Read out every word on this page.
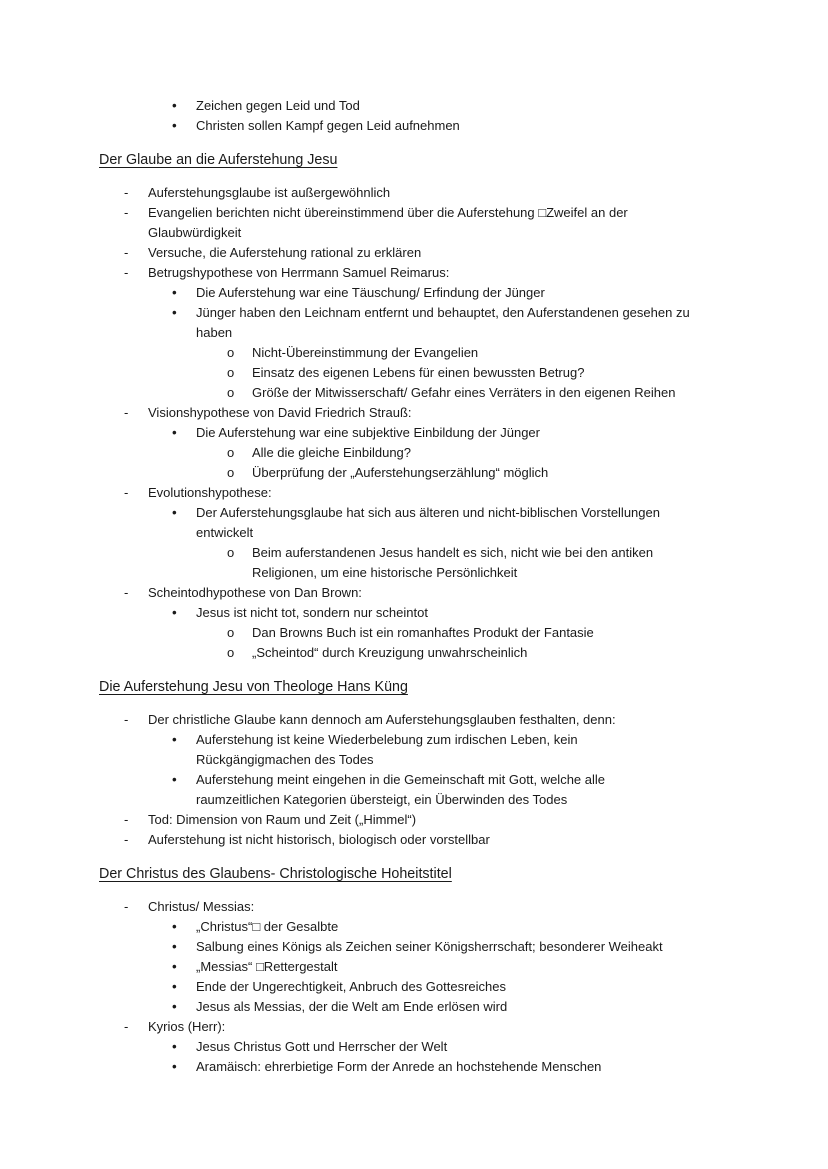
•	Zeichen gegen Leid und Tod
•	Christen sollen Kampf gegen Leid aufnehmen
Der Glaube an die Auferstehung Jesu
-	Auferstehungsglaube ist außergewöhnlich
-	Evangelien berichten nicht übereinstimmend über die Auferstehung □Zweifel an der
Glaubwürdigkeit
-	Versuche, die Auferstehung rational zu erklären
-	Betrugshypothese von Herrmann Samuel Reimarus:
•	Die Auferstehung war eine Täuschung/ Erfindung der Jünger
•	Jünger haben den Leichnam entfernt und behauptet, den Auferstandenen gesehen zu
haben
o	Nicht-Übereinstimmung der Evangelien
o	Einsatz des eigenen Lebens für einen bewussten Betrug?
o	Größe der Mitwisserschaft/ Gefahr eines Verräters in den eigenen Reihen
-	Visionshypothese von David Friedrich Strauß:
•	Die Auferstehung war eine subjektive Einbildung der Jünger
o	Alle die gleiche Einbildung?
o	Überprüfung der „Auferstehungserzählung“ möglich
-	Evolutionshypothese:
•	Der Auferstehungsglaube hat sich aus älteren und nicht-biblischen Vorstellungen
entwickelt
o	Beim auferstandenen Jesus handelt es sich, nicht wie bei den antiken
Religionen, um eine historische Persönlichkeit
-	Scheintodhypothese von Dan Brown:
•	Jesus ist nicht tot, sondern nur scheintot
o	Dan Browns Buch ist ein romanhaftes Produkt der Fantasie
o	„Scheintod“ durch Kreuzigung unwahrscheinlich
Die Auferstehung Jesu von Theologe Hans Küng
-	Der christliche Glaube kann dennoch am Auferstehungsglauben festhalten, denn:
•	Auferstehung ist keine Wiederbelebung zum irdischen Leben, kein
Rückgängigmachen des Todes
•	Auferstehung meint eingehen in die Gemeinschaft mit Gott, welche alle
raumzeitlichen Kategorien übersteigt, ein Überwinden des Todes
-	Tod: Dimension von Raum und Zeit („Himmel“)
-	Auferstehung ist nicht historisch, biologisch oder vorstellbar
Der Christus des Glaubens- Christologische Hoheitstitel
-	Christus/ Messias:
•	„Christus“□ der Gesalbte
•	Salbung eines Königs als Zeichen seiner Königsherrschaft; besonderer Weiheakt
•	„Messias“ □Rettergestalt
•	Ende der Ungerechtigkeit, Anbruch des Gottesreiches
•	Jesus als Messias, der die Welt am Ende erlösen wird
-	Kyrios (Herr):
•	Jesus Christus Gott und Herrscher der Welt
•	Aramäisch: ehrerbietige Form der Anrede an hochstehende Menschen
